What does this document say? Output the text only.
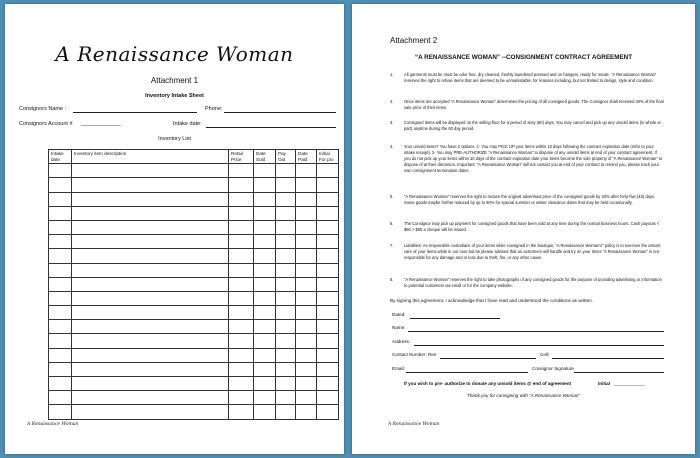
A Renaissance Woman
Attachment 1
Inventory Intake Sheet
Consignors Name :	Phone:
Consignors Account # _____________	Intake date:
Inventory List
Intake date	Inventory item description	Retail Price	Date Sold	Pay Out	Date Paid	Initial For p/o

A Renaissance Woman
Attachment 2
“A RENAISSANCE WOMAN” --CONSIGNMENT CONTRACT AGREEMENT
1.	All garments must be must be odor free, dry cleaned, freshly laundered pressed and on hangers, ready for resale. “A Renaissance Woman” reserves the right to refuse items that are deemed to be unmarketable, for reasons including, but not limited to design, style and condition.
2.	Once items are accepted “A Renaissance Woman” determines the pricing of all consigned goods. The Consignor shall received 40% of the final sale price of their items.
3.	Consigned items will be displayed on the selling floor for a period of sixty (60) days. You may cancel and pick up any unsold items (in whole or part) anytime during the 60 day period.
4.	Your unsold items? You have 2 options. 1- You may PICK UP your items within 10 days following the contract expiration date (refer to your intake receipt). 2- You may PRE-AUTHORIZE “A Renaissance Woman” to dispose of any unsold items at end of your contract agreement. If you do not pick up your items within 10 days of the contract expiration date your items become the sole property of “A Renaissance Woman” to dispose of at their discretion. Important: “A Renaissance Woman” will not contact you at end of your contract to remind you, please track your own consignment termination dates.
5.	“A Renaissance Woman” reserves the right to reduce the original advertised price of the consigned goods by 20% after forty-five (45) days. Some goods maybe further reduced by up to 60% for special summer or winter clearance dates that may be held occasionally.
6.	The Consignor may pick up payment for consigned goods that have been sold at any time during the normal business hours. Cash payouts < $50 > $50 a cheque will be issued.
7.	Liabilities: As responsible custodians of your items while consigned in the boutique, “A Renaissance Woman's” policy is to exercise the utmost care of your items while in our care but be please advised that as customers will handle and try on your items “A Renaissance Woman” is not responsible for any damage and or loss due to theft, fire, or any other cause.
8.	“A Renaissance Woman” reserves the right to take photographs of any consigned goods for the purpose of providing advertising or information to potential customers via email or for the company website.
By signing this agreement, I acknowledge that I have read and understood the conditions as written.
Dated:
Name:
Address:
Contact Number: Res	Cell:
Email:	Consignor Signature
If you wish to pre- authorize to donate any unsold items @ end of agreement	Initial ____________
Thank you for consigning with “A Renaissance Woman”
A Renaissance Woman
